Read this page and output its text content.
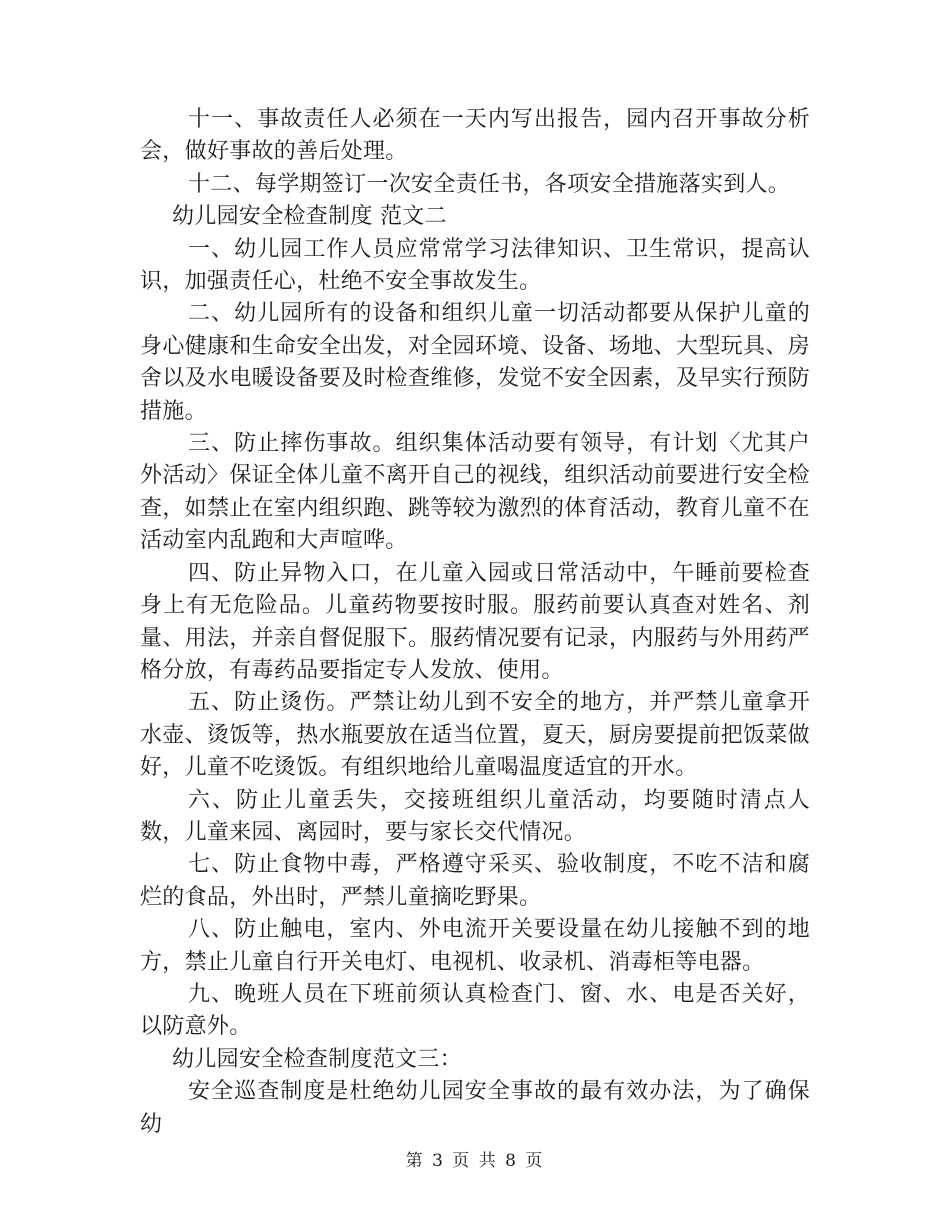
十一、事故责任人必须在一天内写出报告，园内召开事故分析会，做好事故的善后处理。

十二、每学期签订一次安全责任书，各项安全措施落实到人。

幼儿园安全检查制度 范文二

一、幼儿园工作人员应常常学习法律知识、卫生常识，提高认识，加强责任心，杜绝不安全事故发生。

二、幼儿园所有的设备和组织儿童一切活动都要从保护儿童的身心健康和生命安全出发，对全园环境、设备、场地、大型玩具、房舍以及水电暖设备要及时检查维修，发觉不安全因素，及早实行预防措施。

三、防止摔伤事故。组织集体活动要有领导，有计划〈尤其户外活动〉保证全体儿童不离开自己的视线，组织活动前要进行安全检查，如禁止在室内组织跑、跳等较为激烈的体育活动，教育儿童不在活动室内乱跑和大声喧哗。

四、防止异物入口，在儿童入园或日常活动中，午睡前要检查身上有无危险品。儿童药物要按时服。服药前要认真查对姓名、剂量、用法，并亲自督促服下。服药情况要有记录，内服药与外用药严格分放，有毒药品要指定专人发放、使用。

五、防止烫伤。严禁让幼儿到不安全的地方，并严禁儿童拿开水壶、烫饭等，热水瓶要放在适当位置，夏天，厨房要提前把饭菜做好，儿童不吃烫饭。有组织地给儿童喝温度适宜的开水。

六、防止儿童丢失，交接班组织儿童活动，均要随时清点人数，儿童来园、离园时，要与家长交代情况。

七、防止食物中毒，严格遵守采买、验收制度，不吃不洁和腐烂的食品，外出时，严禁儿童摘吃野果。

八、防止触电，室内、外电流开关要设量在幼儿接触不到的地方，禁止儿童自行开关电灯、电视机、收录机、消毒柜等电器。

九、晚班人员在下班前须认真检查门、窗、水、电是否关好，以防意外。

幼儿园安全检查制度范文三：

安全巡查制度是杜绝幼儿园安全事故的最有效办法，为了确保幼

第 3 页 共 8 页
